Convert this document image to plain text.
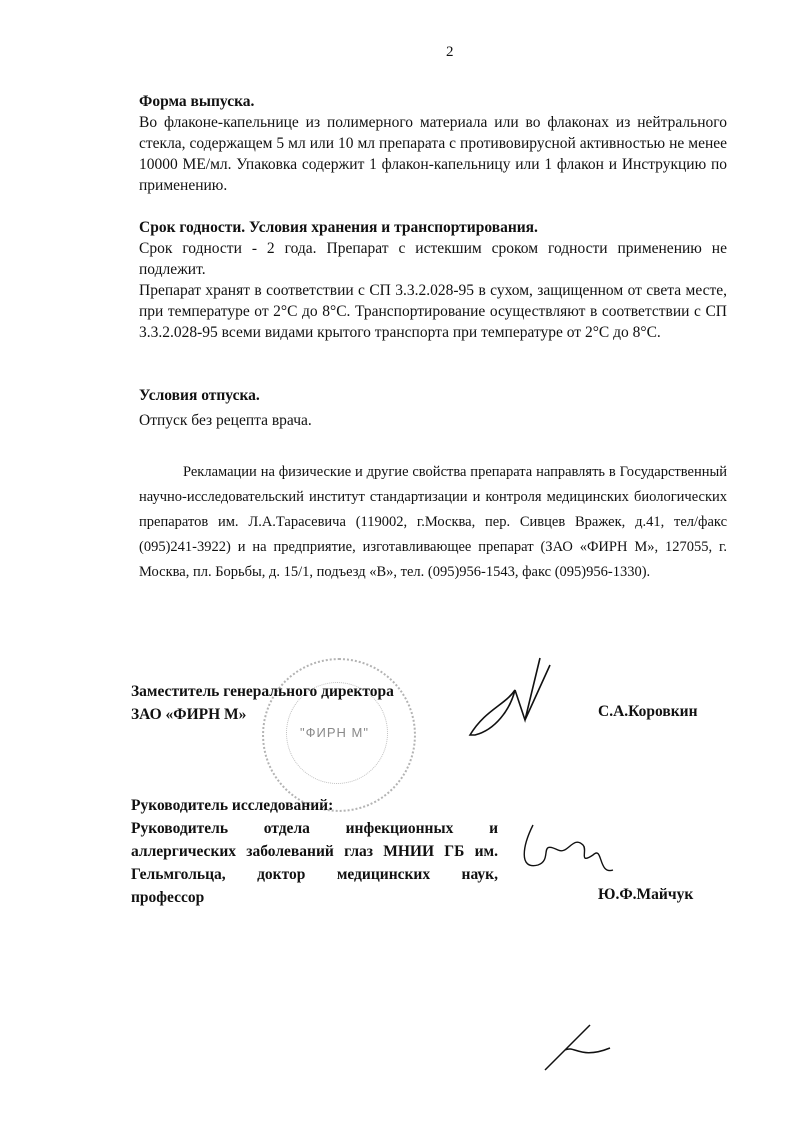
2

Форма выпуска.

Во флаконе-капельнице из полимерного материала или во флаконах из нейтрального стекла, содержащем 5 мл или 10 мл препарата с противовирусной активностью не менее 10000 МЕ/мл. Упаковка содержит 1 флакон-капельницу или 1 флакон и Инструкцию по применению.

Срок годности. Условия хранения и транспортирования.

Срок годности - 2 года. Препарат с истекшим сроком годности применению не подлежит.

Препарат хранят в соответствии с СП 3.3.2.028-95 в сухом, защищенном от света месте, при температуре от 2°С до 8°С. Транспортирование осуществляют в соответствии с СП 3.3.2.028-95 всеми видами крытого транспорта при температуре от 2°С до 8°С.

Условия отпуска.

Отпуск без рецепта врача.

Рекламации на физические и другие свойства препарата направлять в Государственный научно-исследовательский институт стандартизации и контроля медицинских биологических препаратов им. Л.А.Тарасевича (119002, г.Москва, пер. Сивцев Вражек, д.41, тел/факс (095)241-3922) и на предприятие, изготавливающее препарат (ЗАО «ФИРН М», 127055, г. Москва, пл. Борьбы, д. 15/1, подъезд «В», тел. (095)956-1543, факс (095)956-1330).

"ФИРН М"
Заместитель генерального директора
ЗАО «ФИРН М»	С.А.Коровкин
Руководитель исследований:
Руководитель отдела инфекционных и аллергических заболеваний глаз МНИИ ГБ им. Гельмгольца, доктор медицинских наук,
профессор	Ю.Ф.Майчук
